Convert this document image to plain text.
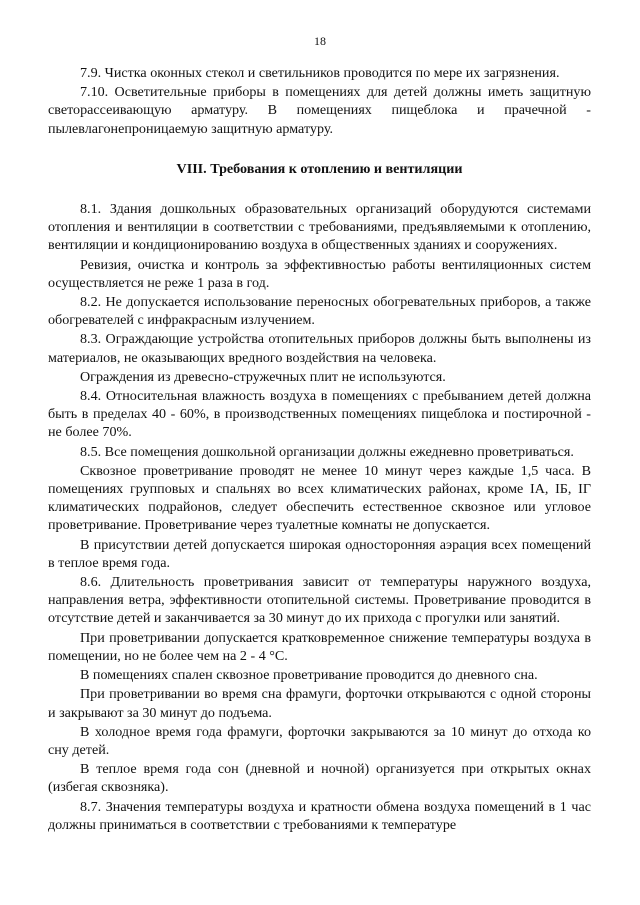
18

7.9. Чистка оконных стекол и светильников проводится по мере их загрязнения.

7.10. Осветительные приборы в помещениях для детей должны иметь защитную светорассеивающую арматуру. В помещениях пищеблока и прачечной - пылевлагонепроницаемую защитную арматуру.

VIII. Требования к отоплению и вентиляции

8.1. Здания дошкольных образовательных организаций оборудуются системами отопления и вентиляции в соответствии с требованиями, предъявляемыми к отоплению, вентиляции и кондиционированию воздуха в общественных зданиях и сооружениях.

Ревизия, очистка и контроль за эффективностью работы вентиляционных систем осуществляется не реже 1 раза в год.

8.2. Не допускается использование переносных обогревательных приборов, а также обогревателей с инфракрасным излучением.

8.3. Ограждающие устройства отопительных приборов должны быть выполнены из материалов, не оказывающих вредного воздействия на человека.

Ограждения из древесно-стружечных плит не используются.

8.4. Относительная влажность воздуха в помещениях с пребыванием детей должна быть в пределах 40 - 60%, в производственных помещениях пищеблока и постирочной - не более 70%.

8.5. Все помещения дошкольной организации должны ежедневно проветриваться.

Сквозное проветривание проводят не менее 10 минут через каждые 1,5 часа. В помещениях групповых и спальнях во всех климатических районах, кроме IА, IБ, IГ климатических подрайонов, следует обеспечить естественное сквозное или угловое проветривание. Проветривание через туалетные комнаты не допускается.

В присутствии детей допускается широкая односторонняя аэрация всех помещений в теплое время года.

8.6. Длительность проветривания зависит от температуры наружного воздуха, направления ветра, эффективности отопительной системы. Проветривание проводится в отсутствие детей и заканчивается за 30 минут до их прихода с прогулки или занятий.

При проветривании допускается кратковременное снижение температуры воздуха в помещении, но не более чем на 2 - 4 °С.

В помещениях спален сквозное проветривание проводится до дневного сна.

При проветривании во время сна фрамуги, форточки открываются с одной стороны и закрывают за 30 минут до подъема.

В холодное время года фрамуги, форточки закрываются за 10 минут до отхода ко сну детей.

В теплое время года сон (дневной и ночной) организуется при открытых окнах (избегая сквозняка).

8.7. Значения температуры воздуха и кратности обмена воздуха помещений в 1 час должны приниматься в соответствии с требованиями к температуре
